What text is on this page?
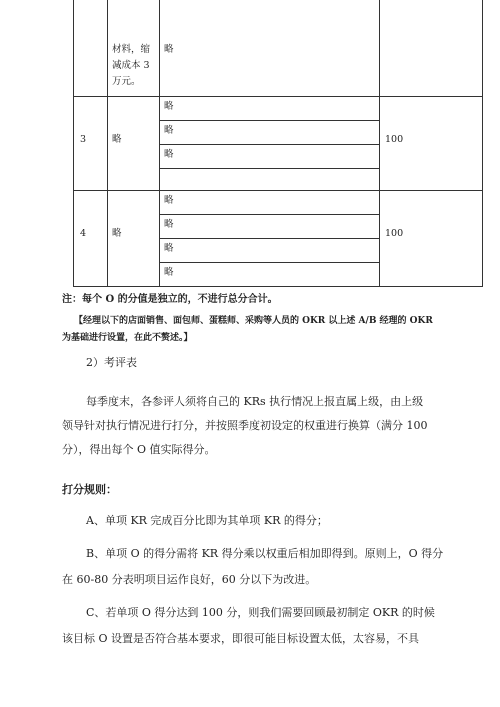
材料，缩
减成本 3
万元。
略
3	略
略
略
略
100
4	略
略
略
略
略
100
注：每个 O 的分值是独立的，不进行总分合计。
【经理以下的店面销售、面包师、蛋糕师、采购等人员的 OKR 以上述 A/B 经理的 OKR
为基础进行设置，在此不赘述。】
2）考评表
每季度末，各参评人须将自己的 KRs 执行情况上报直属上级，由上级
领导针对执行情况进行打分，并按照季度初设定的权重进行换算（满分 100
分），得出每个 O 值实际得分。
打分规则：
A、单项 KR 完成百分比即为其单项 KR 的得分；
B、单项 O 的得分需将 KR 得分乘以权重后相加即得到。原则上，O 得分
在 60-80 分表明项目运作良好，60 分以下为改进。
C、若单项 O 得分达到 100 分，则我们需要回顾最初制定 OKR 的时候
该目标 O 设置是否符合基本要求，即很可能目标设置太低，太容易，不具
